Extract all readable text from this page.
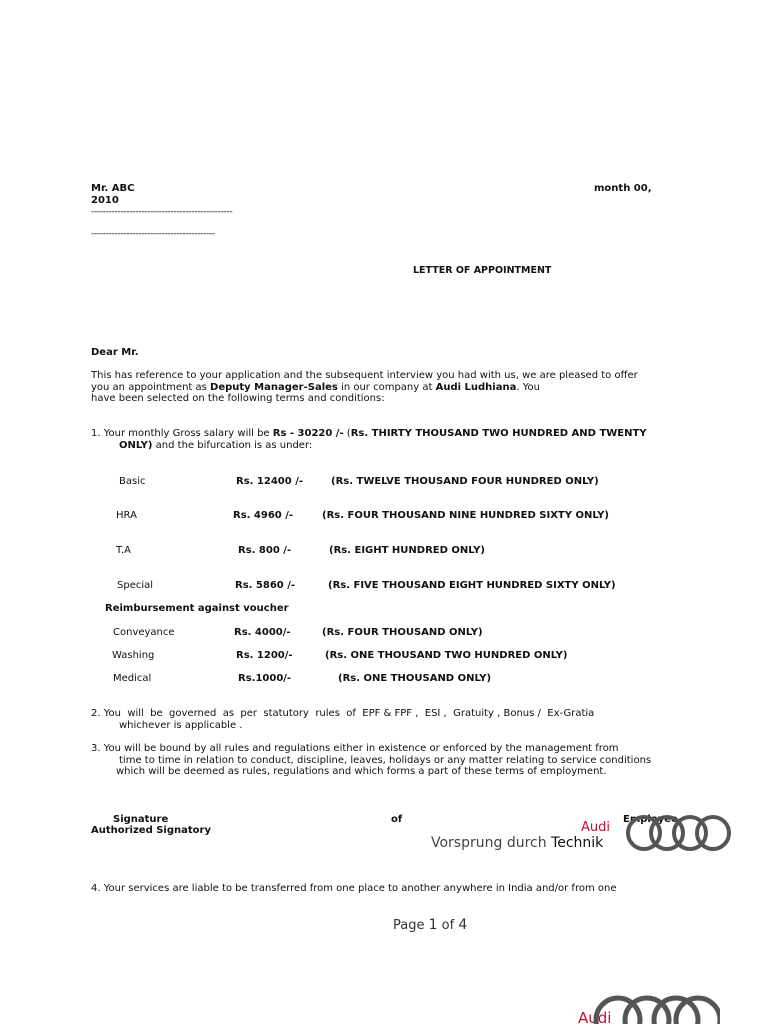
Mr. ABC	month 00,
2010
------------------------------------------------
------------------------------------------
LETTER OF APPOINTMENT
Dear Mr.
This has reference to your application and the subsequent interview you had with us, we are pleased to offer
you an appointment as Deputy Manager-Sales in our company at Audi Ludhiana. You
have been selected on the following terms and conditions:
1. Your monthly Gross salary will be Rs - 30220 /- (Rs. THIRTY THOUSAND TWO HUNDRED AND TWENTY
ONLY) and the bifurcation is as under:
Basic	Rs. 12400 /-	(Rs. TWELVE THOUSAND FOUR HUNDRED ONLY)
HRA	Rs. 4960 /-	(Rs. FOUR THOUSAND NINE HUNDRED SIXTY ONLY)
T.A	Rs. 800 /-	(Rs. EIGHT HUNDRED ONLY)
Special	Rs. 5860 /-	(Rs. FIVE THOUSAND EIGHT HUNDRED SIXTY ONLY)
Reimbursement against voucher
Conveyance	Rs. 4000/-	(Rs. FOUR THOUSAND ONLY)
Washing	Rs. 1200/-	(Rs. ONE THOUSAND TWO HUNDRED ONLY)
Medical	Rs.1000/-	(Rs. ONE THOUSAND ONLY)
2. You  will  be  governed  as  per  statutory  rules  of  EPF & FPF ,  ESI ,  Gratuity , Bonus /  Ex-Gratia
whichever is applicable .
3. You will be bound by all rules and regulations either in existence or enforced by the management from
time to time in relation to conduct, discipline, leaves, holidays or any matter relating to service conditions
which will be deemed as rules, regulations and which forms a part of these terms of employment.
Signature	of	Employee
Authorized Signatory	Audi
Vorsprung durch Technik
4. Your services are liable to be transferred from one place to another anywhere in India and/or from one
Page 1 of 4
Audi
